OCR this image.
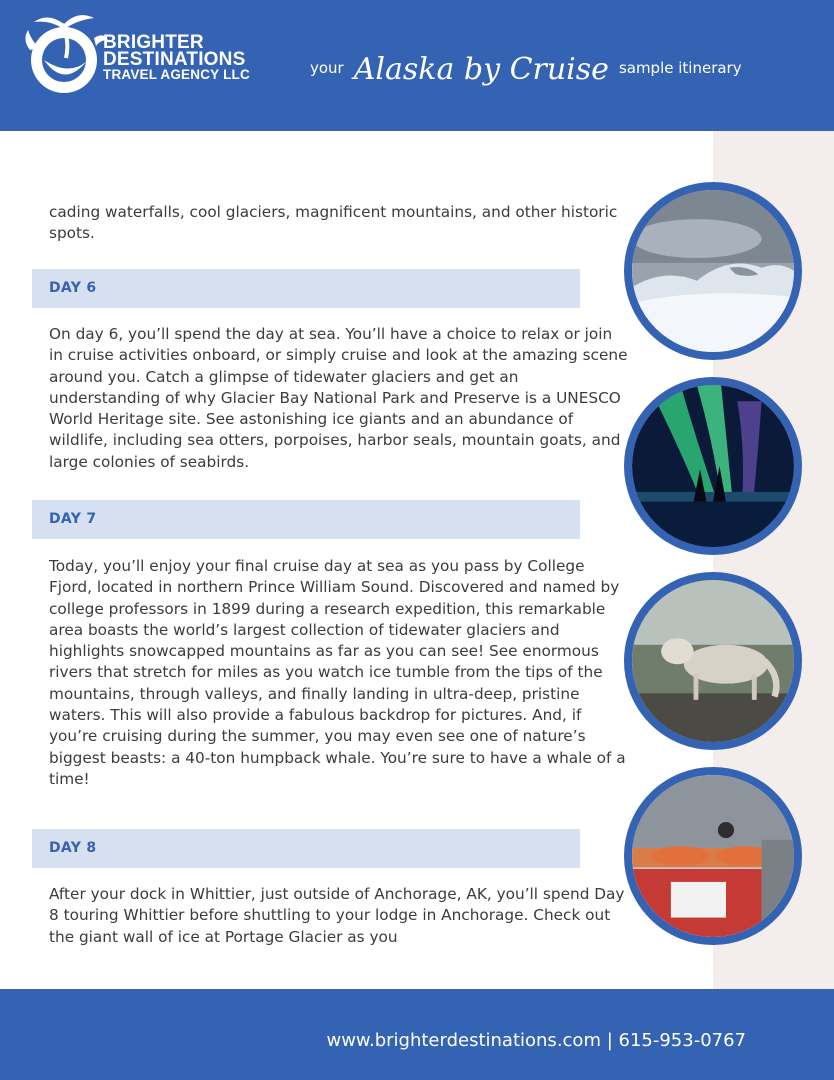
BRIGHTER
DESTINATIONS
TRAVEL AGENCY LLC	your Alaska by Cruise sample itinerary

cading waterfalls, cool glaciers, magnificent mountains, and other historic spots.

DAY 6

On day 6, you’ll spend the day at sea. You’ll have a choice to relax or join in cruise activities onboard, or simply cruise and look at the amazing scene around you. Catch a glimpse of tidewater glaciers and get an understanding of why Glacier Bay National Park and Preserve is a UNESCO World Heritage site. See astonishing ice giants and an abundance of wildlife, including sea otters, porpoises, harbor seals, mountain goats, and large colonies of seabirds.

DAY 7

Today, you’ll enjoy your final cruise day at sea as you pass by College Fjord, located in northern Prince William Sound. Discovered and named by college professors in 1899 during a research expedition, this remarkable area boasts the world’s largest collection of tidewater glaciers and highlights snowcapped mountains as far as you can see! See enormous rivers that stretch for miles as you watch ice tumble from the tips of the mountains, through valleys, and finally landing in ultra-deep, pristine waters. This will also provide a fabulous backdrop for pictures. And, if you’re cruising during the summer, you may even see one of nature’s biggest beasts: a 40-ton humpback whale. You’re sure to have a whale of a time!

DAY 8

After your dock in Whittier, just outside of Anchorage, AK, you’ll spend Day 8 touring Whittier before shuttling to your lodge in Anchorage. Check out the giant wall of ice at Portage Glacier as you

www.brighterdestinations.com | 615-953-0767
